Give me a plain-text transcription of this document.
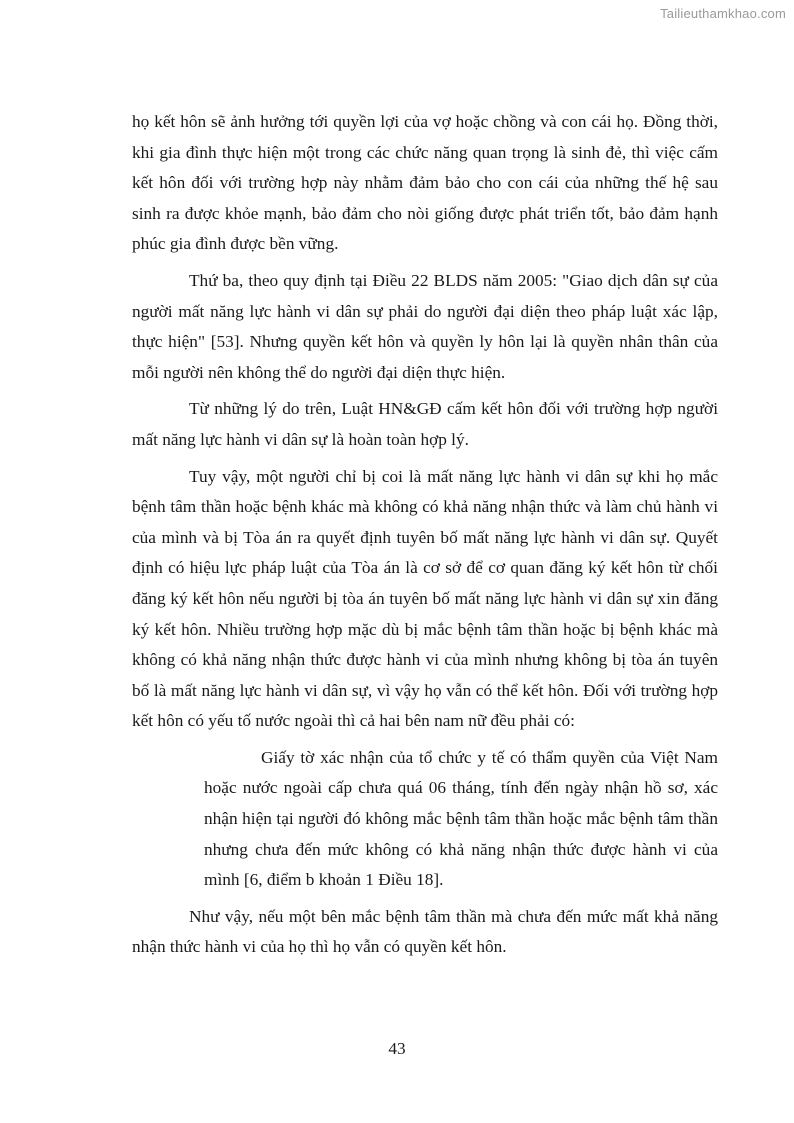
Tailieuthamkhao.com

họ kết hôn sẽ ảnh hưởng tới quyền lợi của vợ hoặc chồng và con cái họ. Đồng thời, khi gia đình thực hiện một trong các chức năng quan trọng là sinh đẻ, thì việc cấm kết hôn đối với trường hợp này nhằm đảm bảo cho con cái của những thế hệ sau sinh ra được khỏe mạnh, bảo đảm cho nòi giống được phát triển tốt, bảo đảm hạnh phúc gia đình được bền vững.

Thứ ba, theo quy định tại Điều 22 BLDS năm 2005: "Giao dịch dân sự của người mất năng lực hành vi dân sự phải do người đại diện theo pháp luật xác lập, thực hiện" [53]. Nhưng quyền kết hôn và quyền ly hôn lại là quyền nhân thân của mỗi người nên không thể do người đại diện thực hiện.

Từ những lý do trên, Luật HN&GĐ cấm kết hôn đối với trường hợp người mất năng lực hành vi dân sự là hoàn toàn hợp lý.

Tuy vậy, một người chỉ bị coi là mất năng lực hành vi dân sự khi họ mắc bệnh tâm thần hoặc bệnh khác mà không có khả năng nhận thức và làm chủ hành vi của mình và bị Tòa án ra quyết định tuyên bố mất năng lực hành vi dân sự. Quyết định có hiệu lực pháp luật của Tòa án là cơ sở để cơ quan đăng ký kết hôn từ chối đăng ký kết hôn nếu người bị tòa án tuyên bố mất năng lực hành vi dân sự xin đăng ký kết hôn. Nhiều trường hợp mặc dù bị mắc bệnh tâm thần hoặc bị bệnh khác mà không có khả năng nhận thức được hành vi của mình nhưng không bị tòa án tuyên bố là mất năng lực hành vi dân sự, vì vậy họ vẫn có thể kết hôn. Đối với trường hợp kết hôn có yếu tố nước ngoài thì cả hai bên nam nữ đều phải có:

Giấy tờ xác nhận của tổ chức y tế có thẩm quyền của Việt Nam hoặc nước ngoài cấp chưa quá 06 tháng, tính đến ngày nhận hồ sơ, xác nhận hiện tại người đó không mắc bệnh tâm thần hoặc mắc bệnh tâm thần nhưng chưa đến mức không có khả năng nhận thức được hành vi của mình [6, điểm b khoản 1 Điều 18].

Như vậy, nếu một bên mắc bệnh tâm thần mà chưa đến mức mất khả năng nhận thức hành vi của họ thì họ vẫn có quyền kết hôn.

43
